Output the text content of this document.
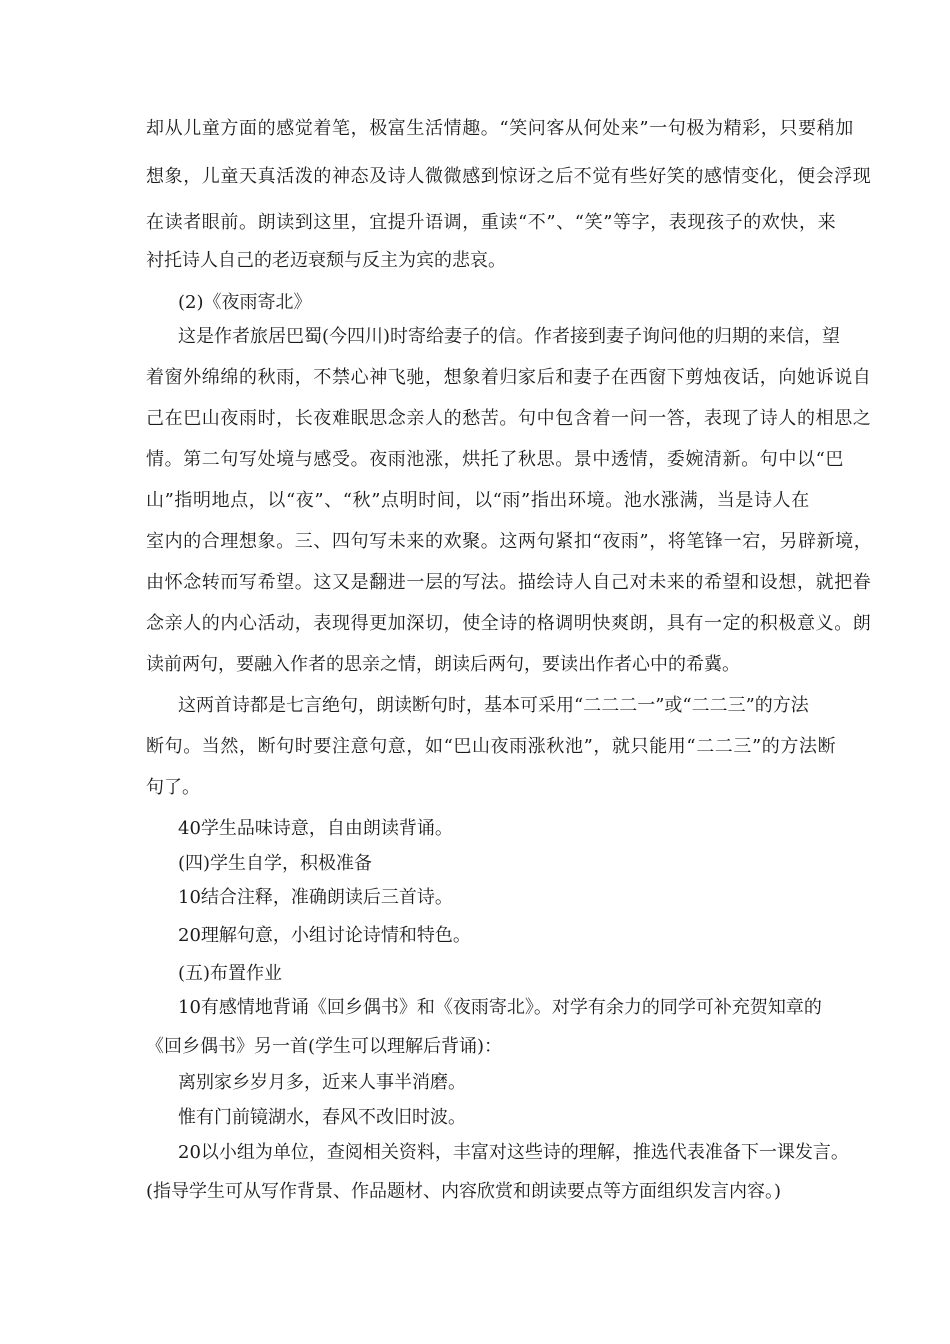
却从儿童方面的感觉着笔，极富生活情趣。“笑问客从何处来”一句极为精彩，只要稍加
想象，儿童天真活泼的神态及诗人微微感到惊讶之后不觉有些好笑的感情变化，便会浮现
在读者眼前。朗读到这里，宜提升语调，重读“不”、“笑”等字，表现孩子的欢快，来
衬托诗人自己的老迈衰颓与反主为宾的悲哀。
(2)《夜雨寄北》
这是作者旅居巴蜀(今四川)时寄给妻子的信。作者接到妻子询问他的归期的来信，望
着窗外绵绵的秋雨，不禁心神飞驰，想象着归家后和妻子在西窗下剪烛夜话，向她诉说自
己在巴山夜雨时，长夜难眠思念亲人的愁苦。句中包含着一问一答，表现了诗人的相思之
情。第二句写处境与感受。夜雨池涨，烘托了秋思。景中透情，委婉清新。句中以“巴
山”指明地点，以“夜”、“秋”点明时间，以“雨”指出环境。池水涨满，当是诗人在
室内的合理想象。三、四句写未来的欢聚。这两句紧扣“夜雨”，将笔锋一宕，另辟新境，
由怀念转而写希望。这又是翻进一层的写法。描绘诗人自己对未来的希望和设想，就把眷
念亲人的内心活动，表现得更加深切，使全诗的格调明快爽朗，具有一定的积极意义。朗
读前两句，要融入作者的思亲之情，朗读后两句，要读出作者心中的希冀。
这两首诗都是七言绝句，朗读断句时，基本可采用“二二二一”或“二二三”的方法
断句。当然，断句时要注意句意，如“巴山夜雨涨秋池”，就只能用“二二三”的方法断
句了。
40学生品味诗意，自由朗读背诵。
(四)学生自学，积极准备
10结合注释，准确朗读后三首诗。
20理解句意，小组讨论诗情和特色。
(五)布置作业
10有感情地背诵《回乡偶书》和《夜雨寄北》。对学有余力的同学可补充贺知章的
《回乡偶书》另一首(学生可以理解后背诵)：
离别家乡岁月多，近来人事半消磨。
惟有门前镜湖水，春风不改旧时波。
20以小组为单位，查阅相关资料，丰富对这些诗的理解，推选代表准备下一课发言。
(指导学生可从写作背景、作品题材、内容欣赏和朗读要点等方面组织发言内容。)
